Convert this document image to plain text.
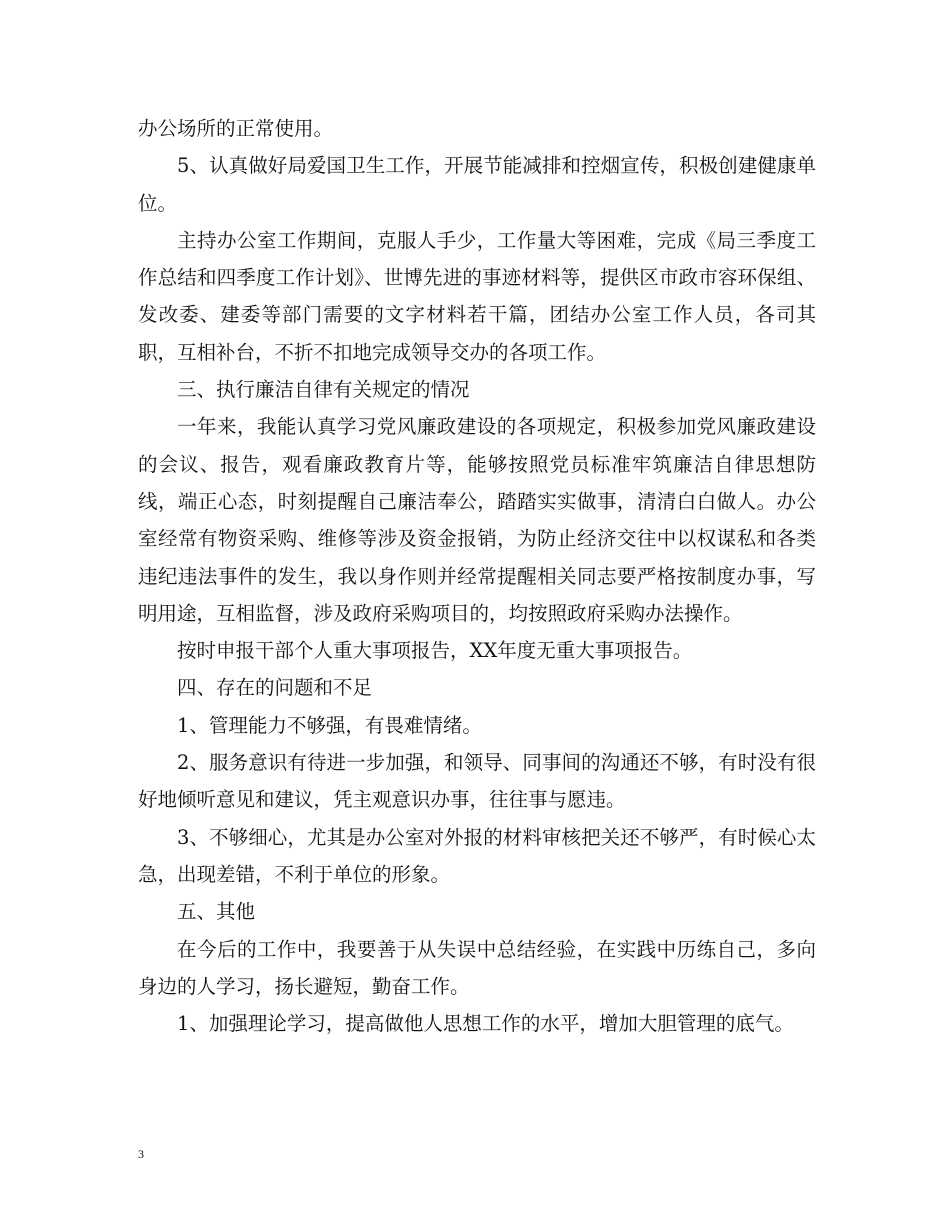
办公场所的正常使用。

5、认真做好局爱国卫生工作，开展节能减排和控烟宣传，积极创建健康单位。

主持办公室工作期间，克服人手少，工作量大等困难，完成《局三季度工作总结和四季度工作计划》、世博先进的事迹材料等，提供区市政市容环保组、发改委、建委等部门需要的文字材料若干篇，团结办公室工作人员，各司其职，互相补台，不折不扣地完成领导交办的各项工作。

三、执行廉洁自律有关规定的情况

一年来，我能认真学习党风廉政建设的各项规定，积极参加党风廉政建设的会议、报告，观看廉政教育片等，能够按照党员标准牢筑廉洁自律思想防线，端正心态，时刻提醒自己廉洁奉公，踏踏实实做事，清清白白做人。办公室经常有物资采购、维修等涉及资金报销，为防止经济交往中以权谋私和各类违纪违法事件的发生，我以身作则并经常提醒相关同志要严格按制度办事，写明用途，互相监督，涉及政府采购项目的，均按照政府采购办法操作。

按时申报干部个人重大事项报告，XX年度无重大事项报告。

四、存在的问题和不足

1、管理能力不够强，有畏难情绪。

2、服务意识有待进一步加强，和领导、同事间的沟通还不够，有时没有很好地倾听意见和建议，凭主观意识办事，往往事与愿违。

3、不够细心，尤其是办公室对外报的材料审核把关还不够严，有时候心太急，出现差错，不利于单位的形象。

五、其他

在今后的工作中，我要善于从失误中总结经验，在实践中历练自己，多向身边的人学习，扬长避短，勤奋工作。

1、加强理论学习，提高做他人思想工作的水平，增加大胆管理的底气。

3
